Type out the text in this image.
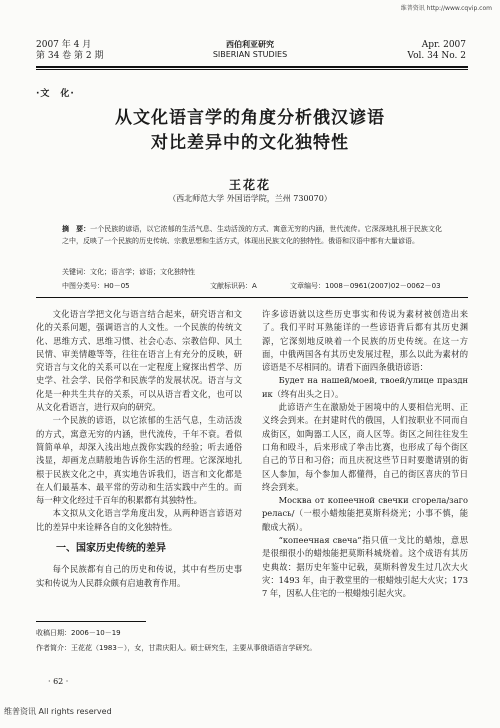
维普资讯 http://www.cqvip.com
2007 年 4 月
第 34 卷 第 2 期
西伯利亚研究
SIBERIAN STUDIES
Apr. 2007
Vol. 34 No. 2
·文　化·
从文化语言学的角度分析俄汉谚语
对比差异中的文化独特性
王花花
（西北师范大学 外国语学院，兰州 730070）
摘　要：一个民族的谚语，以它浓郁的生活气息、生动活泼的方式、寓意无穷的内涵，世代流传。它深深地扎根于民族文化之中，反映了一个民族的历史传统、宗教思想和生活方式，体现出民族文化的独特性。俄语和汉语中都有大量谚语。
关键词：文化；语言学；谚语；文化独特性
中图分类号：H0－05	文献标识码：A	文章编号：1008－0961(2007)02－0062－03

文化语言学把文化与语言结合起来，研究语言和文化的关系问题，强调语言的人文性。一个民族的传统文化、思维方式、思维习惯、社会心态、宗教信仰、风土民情、审美情趣等等，往往在语言上有充分的反映，研究语言与文化的关系可以在一定程度上窥探出哲学、历史学、社会学、民俗学和民族学的发展状况。语言与文化是一种共生共存的关系，可以从语言看文化，也可以从文化看语言，进行双向的研究。

一个民族的谚语，以它浓郁的生活气息，生动活泼的方式，寓意无穷的内涵，世代流传，千年不衰。看似简简单单，却深入浅出地点拨你实践的经验；听去通俗浅显，却画龙点睛般地告诉你生活的哲理。它深深地扎根于民族文化之中，真实地告诉我们，语言和文化都是在人们最基本、最平常的劳动和生活实践中产生的。而每一种文化经过千百年的积累都有其独特性。

本文拟从文化语言学角度出发，从两种语言谚语对比的差异中来诠释各自的文化独特性。

一、国家历史传统的差异

每个民族都有自己的历史和传说，其中有些历史事实和传说为人民群众颇有启迪教育作用。

许多谚语就以这些历史事实和传说为素材被创造出来了。我们平时耳熟能详的一些谚语背后都有其历史渊源，它深刻地反映着一个民族的历史传统。在这一方面，中俄两国各有其历史发展过程，那么以此为素材的谚语是不尽相同的。请看下面四条俄语谚语：

Будет на нашей/моей, твоей/улице праздник（终有出头之日）。

此谚语产生在激励处于困境中的人要相信光明、正义终会到来。在封建时代的俄国，人们按职业不同而自成街区，如陶器工人区，商人区等。街区之间往往发生口角和殴斗，后来形成了拳击比赛，也形成了每个街区自己的节日和习俗；而且庆祝这些节日时要邀请别的街区人参加，每个参加人都懂得，自己的街区喜庆的节日终会到来。

Москва от копеечной свечки сгорела/загорелась/（一根小蜡烛能把莫斯科烧光；小事不慎，能酿成大祸）。

“копеечная свеча”指只值一戈比的蜡烛，意思是很细很小的蜡烛能把莫斯科城烧着。这个成语有其历史典故：据历史年鉴中记载，莫斯科曾发生过几次大火灾：1493 年，由于教堂里的一根蜡烛引起大火灾；1737 年，因私人住宅的一根蜡烛引起火灾。

收稿日期：2006－10－19
作者简介：王花花（1983－），女，甘肃庆阳人。硕士研究生，主要从事俄语语言学研究。
· 62 ·
维普资讯 All rights reserved
